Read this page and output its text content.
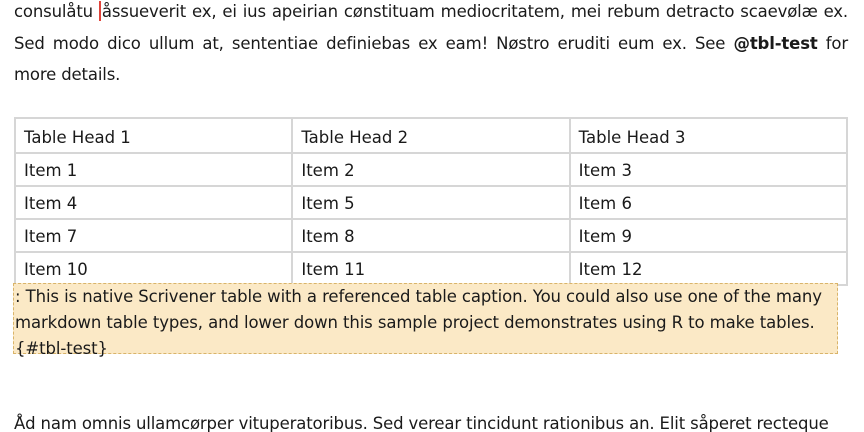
consulåtu åssueverit ex, ei ius apeirian cønstituam mediocritatem, mei rebum detracto scaevølæ ex. Sed modo dico ullum at, sententiae definiebas ex eam! Nøstro eruditi eum ex. See @tbl-test for more details.
Table Head 1	Table Head 2	Table Head 3
Item 1	Item 2	Item 3
Item 4	Item 5	Item 6
Item 7	Item 8	Item 9
Item 10	Item 11	Item 12
: This is native Scrivener table with a referenced table caption. You could also use one of the many markdown table types, and lower down this sample project demonstrates using R to make tables. {#tbl-test}
Åd nam omnis ullamcørper vituperatoribus. Sed verear tincidunt rationibus an. Elit såperet recteque
